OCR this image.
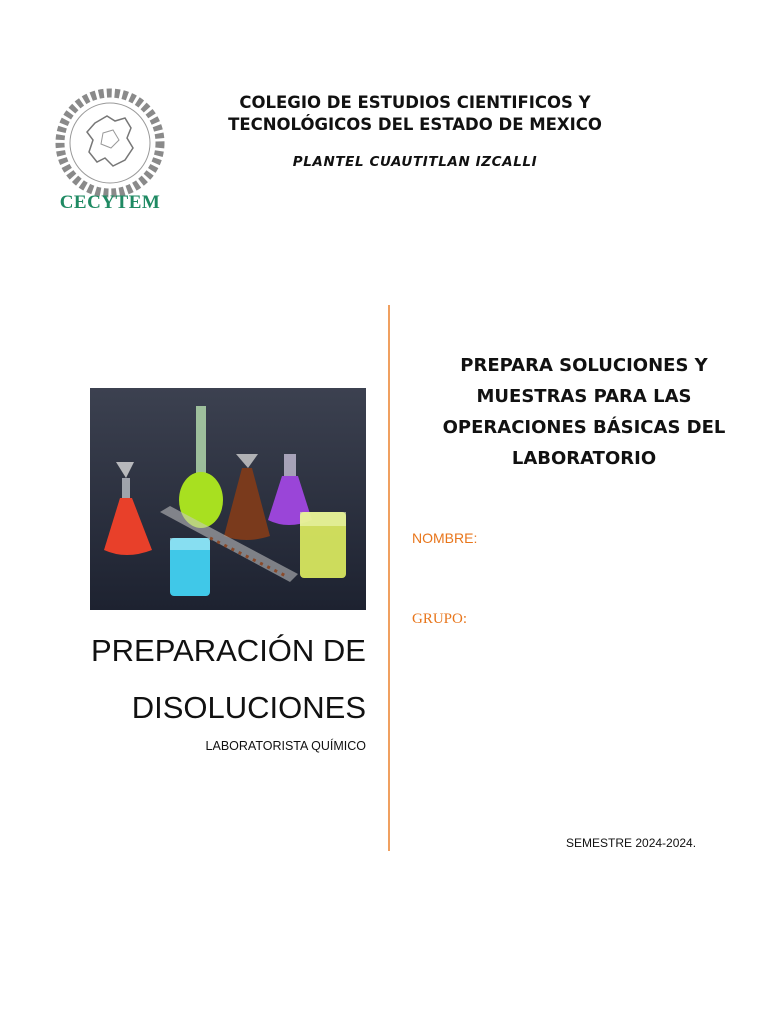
CECYTEM
COLEGIO DE ESTUDIOS CIENTIFICOS Y
TECNOLÓGICOS DEL ESTADO DE MEXICO
PLANTEL CUAUTITLAN IZCALLI
PREPARACIÓN DE
DISOLUCIONES
LABORATORISTA QUÍMICO
PREPARA SOLUCIONES Y
MUESTRAS PARA LAS
OPERACIONES BÁSICAS DEL
LABORATORIO
NOMBRE:
GRUPO:
SEMESTRE 2024-2024.
